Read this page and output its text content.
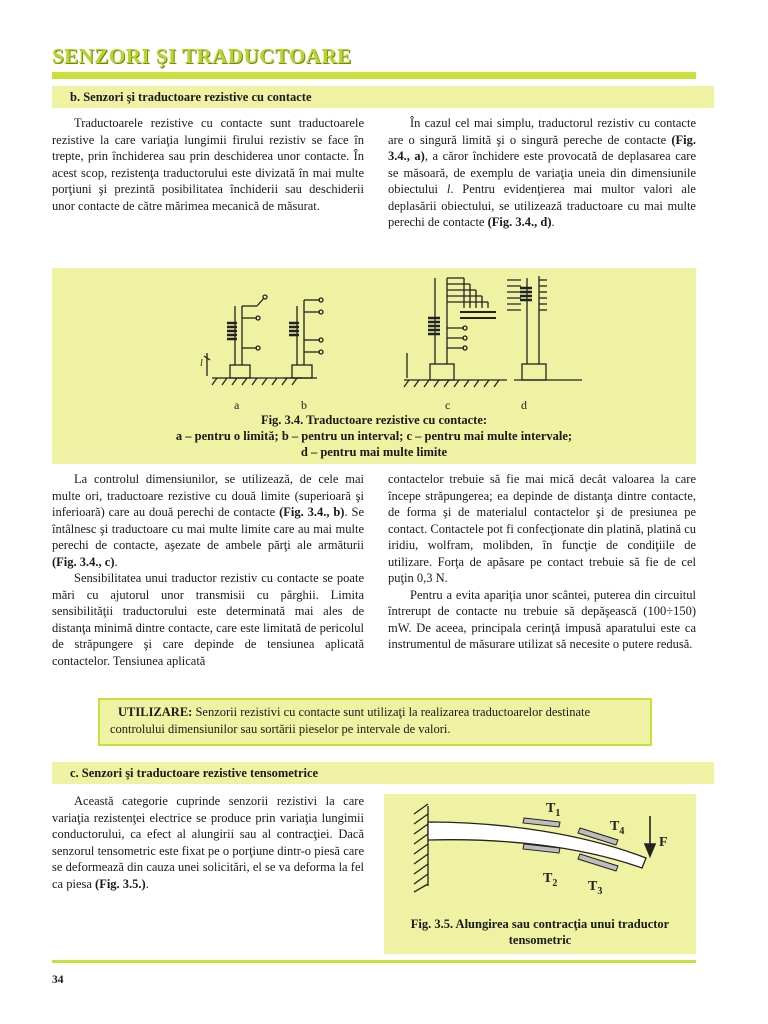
SENZORI ŞI TRADUCTOARE
b. Senzori şi traductoare rezistive cu contacte

Traductoarele rezistive cu contacte sunt traductoarele rezistive la care variaţia lungimii firului rezistiv se face în trepte, prin închiderea sau prin deschiderea unor contacte. În acest scop, rezistenţa traductorului este divizată în mai multe porţiuni şi prezintă posibilitatea închiderii sau deschiderii unor contacte de către mărimea mecanică de măsurat.

În cazul cel mai simplu, traductorul rezistiv cu contacte are o singură limită şi o singură pereche de contacte (Fig. 3.4., a), a căror închidere este provocată de deplasarea care se măsoară, de exemplu de variaţia uneia din dimensiunile obiectului l. Pentru evidenţierea mai multor valori ale deplasării obiectului, se utilizează traductoare cu mai multe perechi de contacte (Fig. 3.4., d).

a	b	c	d
l
Fig. 3.4. Traductoare rezistive cu contacte:
a – pentru o limită; b – pentru un interval; c – pentru mai multe intervale;
d – pentru mai multe limite

La controlul dimensiunilor, se utilizează, de cele mai multe ori, traductoare rezistive cu două limite (superioară şi inferioară) care au două perechi de contacte (Fig. 3.4., b). Se întâlnesc şi traductoare cu mai multe limite care au mai multe perechi de contacte, aşezate de ambele părţi ale armăturii (Fig. 3.4., c).

Sensibilitatea unui traductor rezistiv cu contacte se poate mări cu ajutorul unor transmisii cu pârghii. Limita sensibilităţii traductorului este determinată mai ales de distanţa minimă dintre contacte, care este limitată de pericolul de străpungere şi care depinde de tensiunea aplicată contactelor. Tensiunea aplicată

contactelor trebuie să fie mai mică decât valoarea la care începe străpungerea; ea depinde de distanţa dintre contacte, de forma şi de materialul contactelor şi de presiunea pe contact. Contactele pot fi confecţionate din platină, platină cu iridiu, wolfram, molibden, în funcţie de condiţiile de utilizare. Forţa de apăsare pe contact trebuie să fie de cel puţin 0,3 N.

Pentru a evita apariţia unor scântei, puterea din circuitul întrerupt de contacte nu trebuie să depăşească (100÷150) mW. De aceea, principala cerinţă impusă aparatului este ca instrumentul de măsurare utilizat să necesite o putere redusă.

UTILIZARE: Senzorii rezistivi cu contacte sunt utilizaţi la realizarea traductoarelor destinate controlului dimensiunilor sau sortării pieselor pe intervale de valori.
c. Senzori şi traductoare rezistive tensometrice

Această categorie cuprinde senzorii rezistivi la care variaţia rezistenţei electrice se produce prin variaţia lungimii conductorului, ca efect al alungirii sau al contracţiei. Dacă senzorul tensometric este fixat pe o porţiune dintr-o piesă care se deformează din cauza unei solicitări, el se va deforma la fel ca piesa (Fig. 3.5.).

$T_1$
$T_4$
$T_2$ $T_3$
F
Fig. 3.5. Alungirea sau contracţia unui traductor
tensometric
34
